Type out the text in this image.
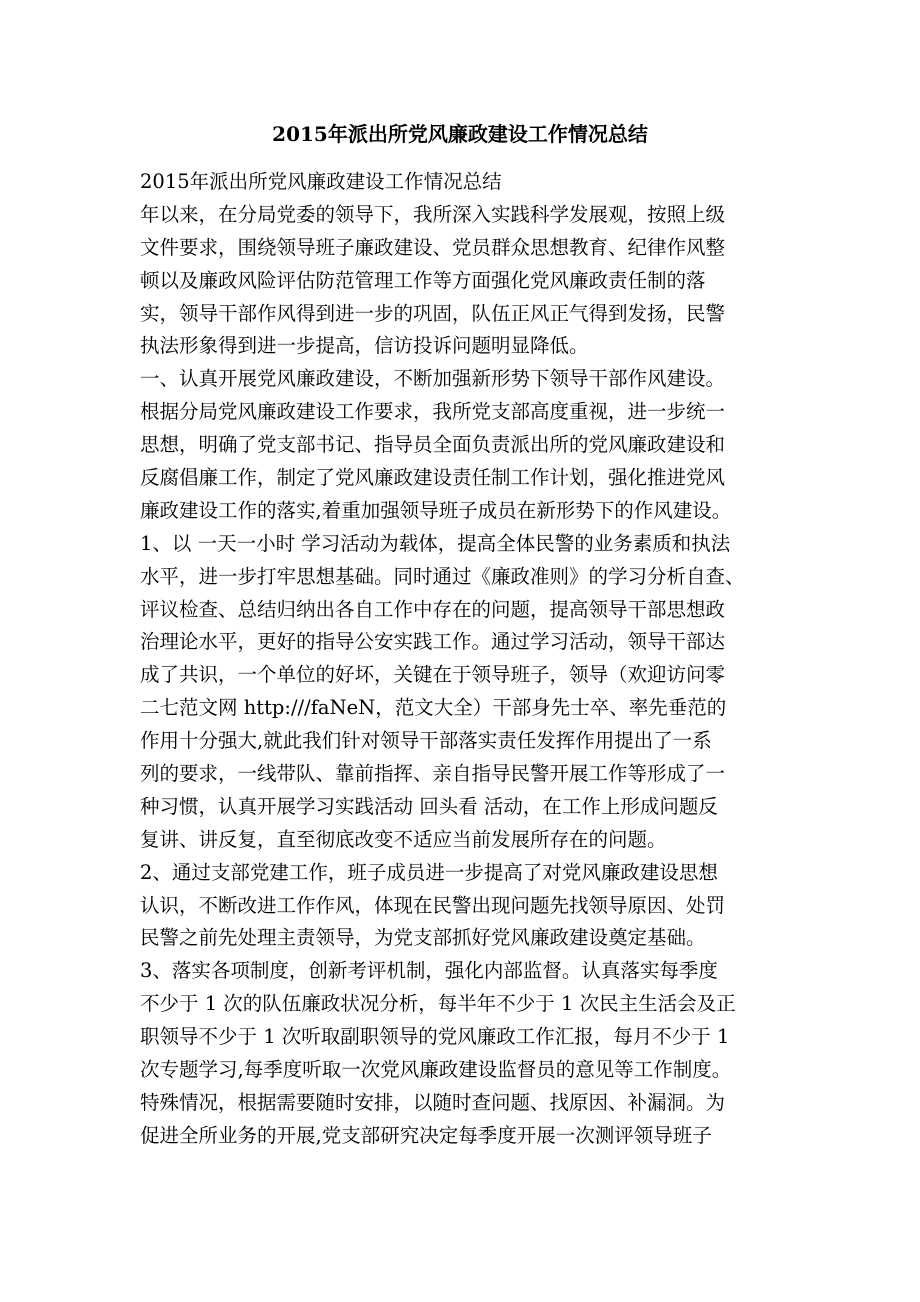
2015年派出所党风廉政建设工作情况总结
2015年派出所党风廉政建设工作情况总结
年以来，在分局党委的领导下，我所深入实践科学发展观，按照上级
文件要求，围绕领导班子廉政建设、党员群众思想教育、纪律作风整
顿以及廉政风险评估防范管理工作等方面强化党风廉政责任制的落
实，领导干部作风得到进一步的巩固，队伍正风正气得到发扬，民警
执法形象得到进一步提高，信访投诉问题明显降低。
一、认真开展党风廉政建设，不断加强新形势下领导干部作风建设。
根据分局党风廉政建设工作要求，我所党支部高度重视，进一步统一
思想，明确了党支部书记、指导员全面负责派出所的党风廉政建设和
反腐倡廉工作，制定了党风廉政建设责任制工作计划，强化推进党风
廉政建设工作的落实,着重加强领导班子成员在新形势下的作风建设。
1、以 一天一小时 学习活动为载体，提高全体民警的业务素质和执法
水平，进一步打牢思想基础。同时通过《廉政准则》的学习分析自查、
评议检查、总结归纳出各自工作中存在的问题，提高领导干部思想政
治理论水平，更好的指导公安实践工作。通过学习活动，领导干部达
成了共识，一个单位的好坏，关键在于领导班子，领导（欢迎访问零
二七范文网 http:///faNeN，范文大全）干部身先士卒、率先垂范的
作用十分强大,就此我们针对领导干部落实责任发挥作用提出了一系
列的要求，一线带队、靠前指挥、亲自指导民警开展工作等形成了一
种习惯，认真开展学习实践活动 回头看 活动，在工作上形成问题反
复讲、讲反复，直至彻底改变不适应当前发展所存在的问题。
2、通过支部党建工作，班子成员进一步提高了对党风廉政建设思想
认识，不断改进工作作风，体现在民警出现问题先找领导原因、处罚
民警之前先处理主责领导，为党支部抓好党风廉政建设奠定基础。
3、落实各项制度，创新考评机制，强化内部监督。认真落实每季度
不少于 1 次的队伍廉政状况分析，每半年不少于 1 次民主生活会及正
职领导不少于 1 次听取副职领导的党风廉政工作汇报，每月不少于 1
次专题学习,每季度听取一次党风廉政建设监督员的意见等工作制度。
特殊情况，根据需要随时安排，以随时查问题、找原因、补漏洞。为
促进全所业务的开展,党支部研究决定每季度开展一次测评领导班子
